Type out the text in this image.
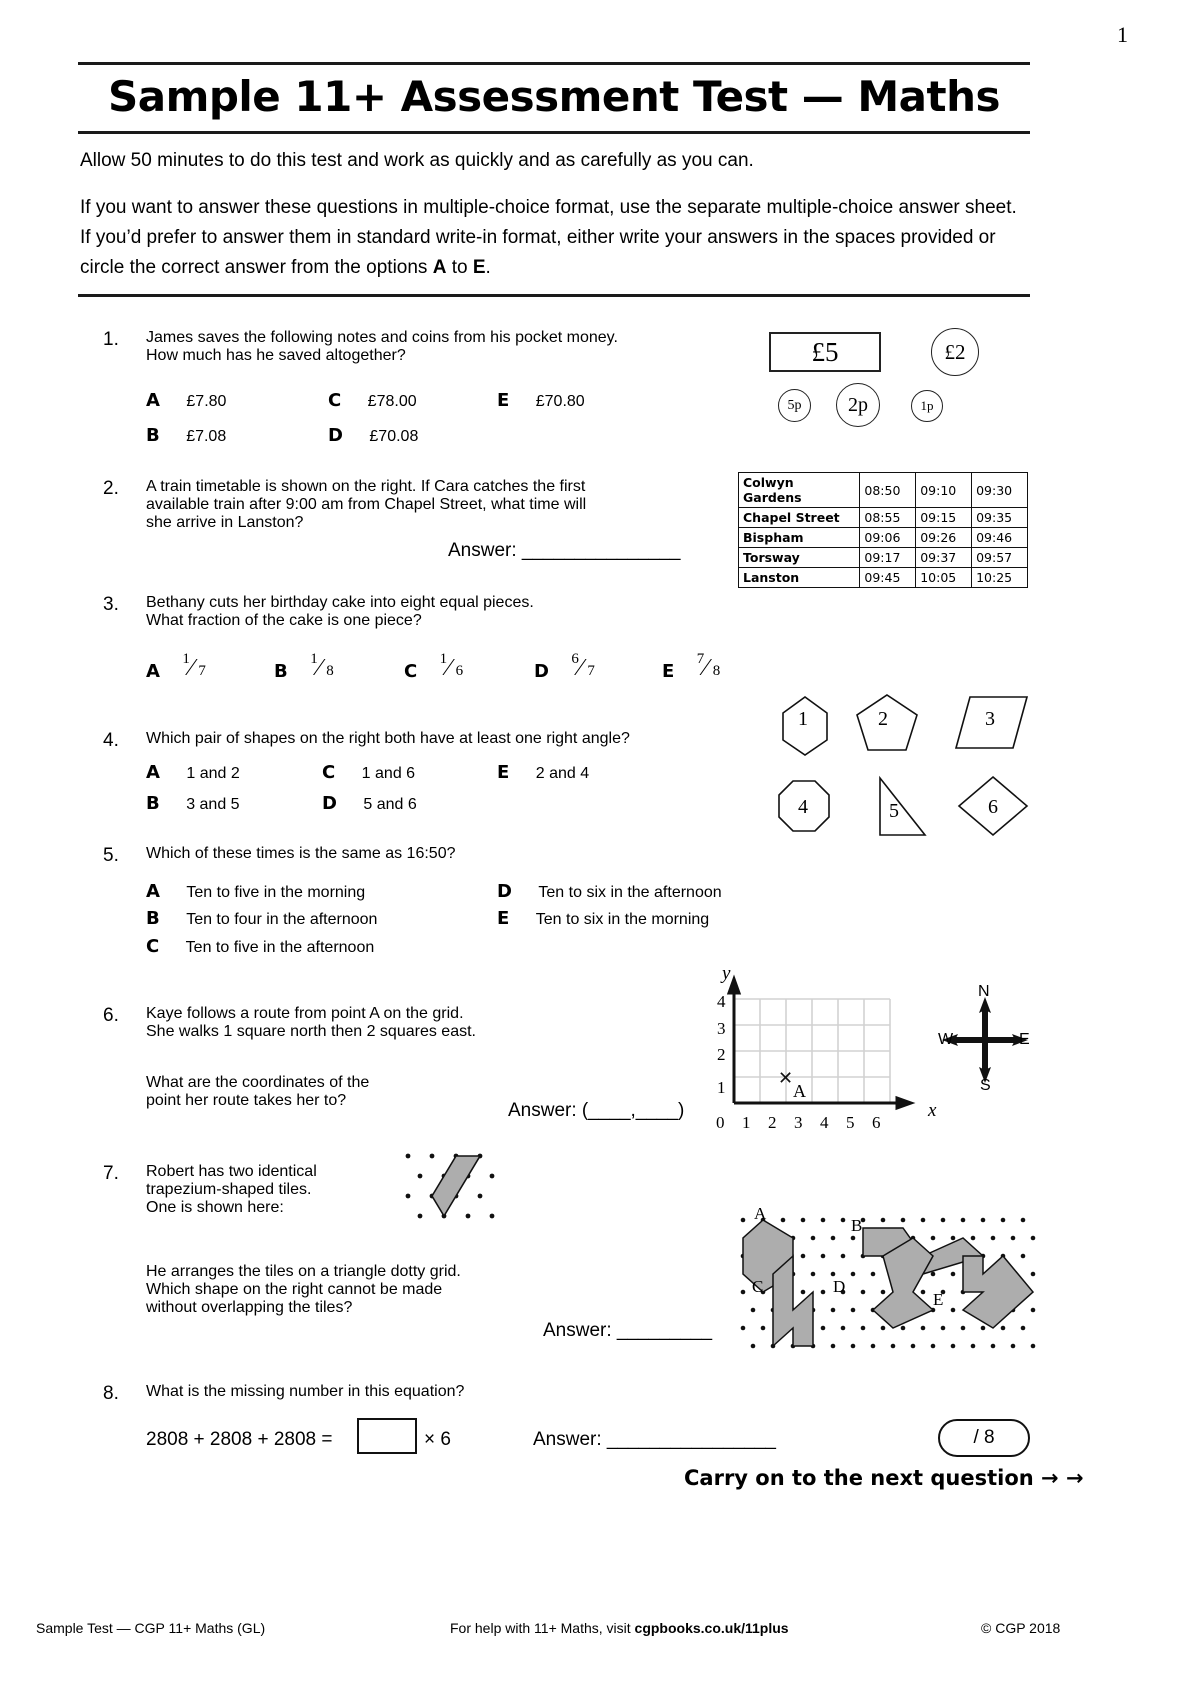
1
Sample 11+ Assessment Test — Maths
Allow 50 minutes to do this test and work as quickly and as carefully as you can.
If you want to answer these questions in multiple-choice format, use the separate multiple-choice answer sheet. If you’d prefer to answer them in standard write-in format, either write your answers in the spaces provided or circle the correct answer from the options A to E.
1. James saves the following notes and coins from his pocket money.
How much has he saved altogether?
A £7.80
B £7.08
C £78.00
D £70.08
E £70.80
£5	£2
5p	2p	1p
2. A train timetable is shown on the right. If Cara catches the first
available train after 9:00 am from Chapel Street, what time will
she arrive in Lanston?
Answer: _______________
Colwyn Gardens	08:50	09:10	09:30
Chapel Street	08:55	09:15	09:35
Bispham	09:06	09:26	09:46
Torsway	09:17	09:37	09:57
Lanston	09:45	10:05	10:25
3. Bethany cuts her birthday cake into eight equal pieces.
What fraction of the cake is one piece?
A
1 ⁄ 7	B
1 ⁄ 8	C
1 ⁄ 6	D
6 ⁄ 7	E
7 ⁄ 8
4. Which pair of shapes on the right both have at least one right angle?
A 1 and 2
B 3 and 5
C 1 and 6
D 5 and 6
E 2 and 4
1	2	3
4	5	6
5. Which of these times is the same as 16:50?
A Ten to five in the morning
B Ten to four in the afternoon
C Ten to five in the afternoon
D Ten to six in the afternoon
E Ten to six in the morning
6. Kaye follows a route from point A on the grid.
She walks 1 square north then 2 squares east.
What are the coordinates of the
point her route takes her to?	Answer: (____,____)
✕
y
x
0 1 2 3 4 5 6
1
2
3
4
A
N
E
S
W
7. Robert has two identical
trapezium-shaped tiles.
One is shown here:
He arranges the tiles on a triangle dotty grid.
Which shape on the right cannot be made
without overlapping the tiles?
Answer: _________
A
B
C	D
E
8. What is the missing number in this equation?
2808 + 2808 + 2808 =	× 6	Answer: ________________	/ 8
Carry on to the next question → →
Sample Test — CGP 11+ Maths (GL)	For help with 11+ Maths, visit cgpbooks.co.uk/11plus	© CGP 2018
